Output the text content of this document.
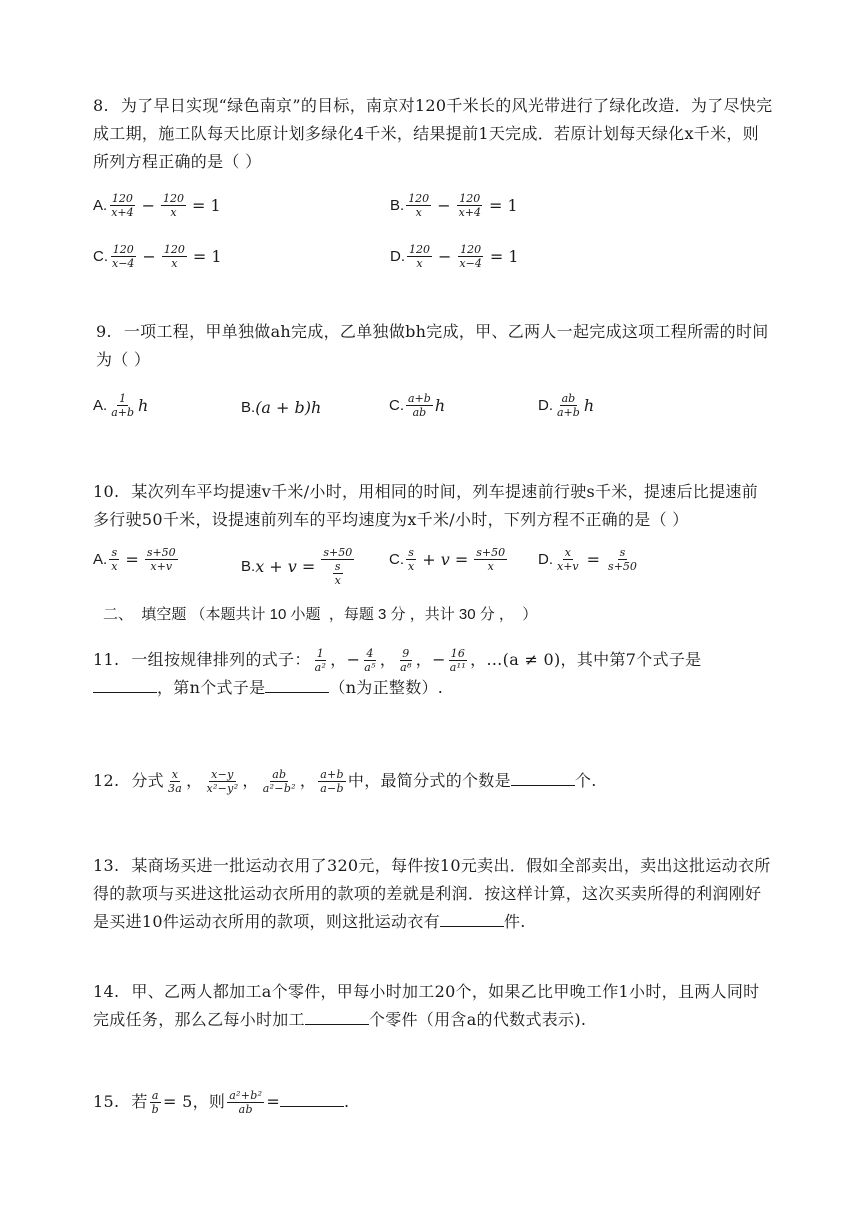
8. 为了早日实现“绿色南京”的目标，南京对120千米长的风光带进行了绿化改造．为了尽快完成工期，施工队每天比原计划多绿化4千米，结果提前1天完成．若原计划每天绿化x千米，则所列方程正确的是（ ）
A. $\frac{120}{x+4} - \frac{120}{x} = 1$	B. $\frac{120}{x} - \frac{120}{x+4} = 1$
C. $\frac{120}{x-4} - \frac{120}{x} = 1$	D. $\frac{120}{x} - \frac{120}{x-4} = 1$
9. 一项工程，甲单独做ah完成，乙单独做bh完成，甲、乙两人一起完成这项工程所需的时间为（ ）
A. $\frac{1}{a+b}$ h	B. (a + b)h	C. $\frac{a+b}{ab}$ h	D. $\frac{ab}{a+b}$ h
10. 某次列车平均提速v千米/小时，用相同的时间，列车提速前行驶s千米，提速后比提速前多行驶50千米，设提速前列车的平均速度为x千米/小时，下列方程不正确的是（ ）
A. $\frac{s}{x} = \frac{s+50}{x+v}$	B. $x + v = \frac{s+50}{\frac{s}{x}} C$. $\frac{s}{x} + v = \frac{s+50}{x} D$. $\frac{x}{x+v} = \frac{s}{s+50}$
二、  填空题 （本题共计 10 小题  ，每题 3 分 ，共计 30 分 ，  ）
11. 一组按规律排列的式子： $\frac{1}{\text{a²}}$ ，− $\frac{4}{\text{a⁵}}$ ， $\frac{9}{\text{a⁸}}$ ，− $\frac{16}{\text{a¹¹}}$ ，…(a ≠ 0)，其中第7个式子是
，第n个式子是	（n为正整数）.
12. 分式 $\frac{x}{3a}$ ， $\frac{x-y}{\text{x²−y²}}$ ， $\frac{ab}{\text{a²−b²}}$ ， $\frac{a+b}{a-b}$ 中，最简分式的个数是	个.
13. 某商场买进一批运动衣用了320元，每件按10元卖出．假如全部卖出，卖出这批运动衣所得的款项与买进这批运动衣所用的款项的差就是利润．按这样计算，这次买卖所得的利润刚好是买进10件运动衣所用的款项，则这批运动衣有	件.
14. 甲、乙两人都加工a个零件，甲每小时加工20个，如果乙比甲晚工作1小时，且两人同时完成任务，那么乙每小时加工	个零件（用含a的代数式表示).
15. 若 $\frac{a}{b} = 5$，则 $\frac{\text{a²+b²}}{ab}$ =	.
